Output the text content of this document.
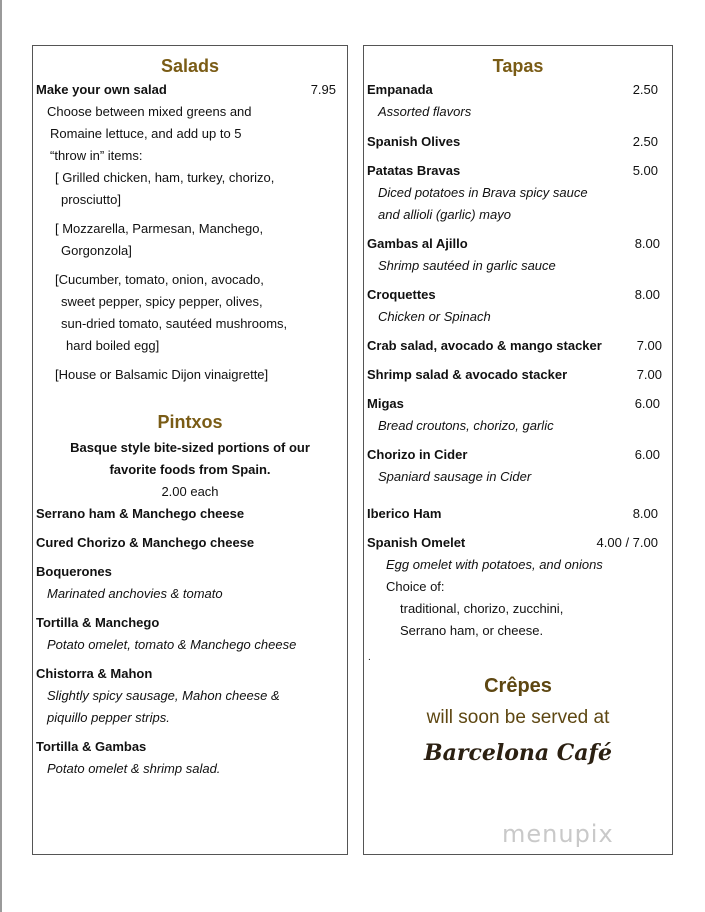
Salads
Make your own salad	7.95
Choose between mixed greens and
Romaine lettuce, and add up to 5
“throw in” items:
[ Grilled chicken, ham, turkey, chorizo,
prosciutto]
[ Mozzarella, Parmesan, Manchego,
Gorgonzola]
[Cucumber, tomato, onion, avocado,
sweet pepper, spicy pepper, olives,
sun-dried tomato, sautéed mushrooms,
hard boiled egg]
[House or Balsamic Dijon vinaigrette]
Pintxos
Basque style bite-sized portions of our
favorite foods from Spain.
2.00 each
Serrano ham & Manchego cheese
Cured Chorizo & Manchego cheese
Boquerones
Marinated anchovies & tomato
Tortilla & Manchego
Potato omelet, tomato & Manchego cheese
Chistorra & Mahon
Slightly spicy sausage, Mahon cheese &
piquillo pepper strips.
Tortilla & Gambas
Potato omelet & shrimp salad.
Tapas
Empanada	2.50
Assorted flavors
Spanish Olives	2.50
Patatas Bravas	5.00
Diced potatoes in Brava spicy sauce
and allioli (garlic) mayo
Gambas al Ajillo	8.00
Shrimp sautéed in garlic sauce
Croquettes	8.00
Chicken or Spinach
Crab salad, avocado & mango stacker	7.00
Shrimp salad & avocado stacker	7.00
Migas	6.00
Bread croutons, chorizo, garlic
Chorizo in Cider	6.00
Spaniard sausage in Cider
Iberico Ham	8.00
Spanish Omelet	4.00 / 7.00
Egg omelet with potatoes, and onions
Choice of:
traditional, chorizo, zucchini,
Serrano ham, or cheese.
.
Crêpes
will soon be served at
Barcelona Café
menupix
